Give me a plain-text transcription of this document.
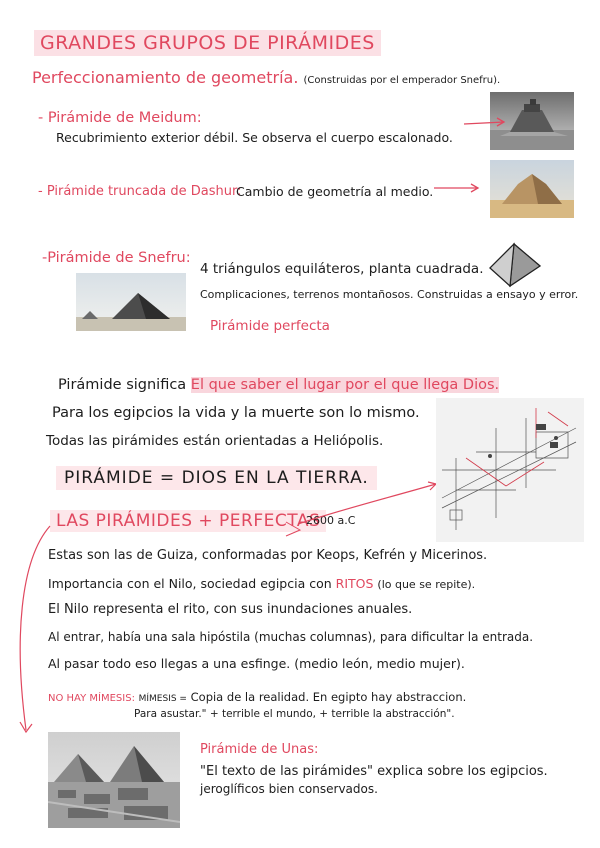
GRANDES GRUPOS DE PIRÁMIDES
Perfeccionamiento de geometría. (Construidas por el emperador Snefru).
- Pirámide de Meidum:
Recubrimiento exterior débil. Se observa el cuerpo escalonado.
- Pirámide truncada de Dashur:
Cambio de geometría al medio.
-Pirámide de Snefru:
4 triángulos equiláteros, planta cuadrada.
Complicaciones, terrenos montañosos. Construidas a ensayo y error.
Pirámide perfecta
Pirámide significa El que saber el lugar por el que llega Dios.
Para los egipcios la vida y la muerte son lo mismo.
Todas las pirámides están orientadas a Heliópolis.
PIRÁMIDE = DIOS EN LA TIERRA.
LAS PIRÁMIDES + PERFECTAS
2600 a.C
Estas son las de Guiza, conformadas por Keops, Kefrén y Micerinos.
Importancia con el Nilo, sociedad egipcia con RITOS (lo que se repite).
El Nilo representa el rito, con sus inundaciones anuales.
Al entrar, había una sala hipóstila (muchas columnas), para dificultar la entrada.
Al pasar todo eso llegas a una esfinge. (medio león, medio mujer).
NO HAY MÍMESIS: MÍMESIS = Copia de la realidad. En egipto hay abstraccion.
Para asustar." + terrible el mundo, + terrible la abstracción".
Pirámide de Unas:
"El texto de las pirámides" explica sobre los egipcios.
jeroglíficos bien conservados.
